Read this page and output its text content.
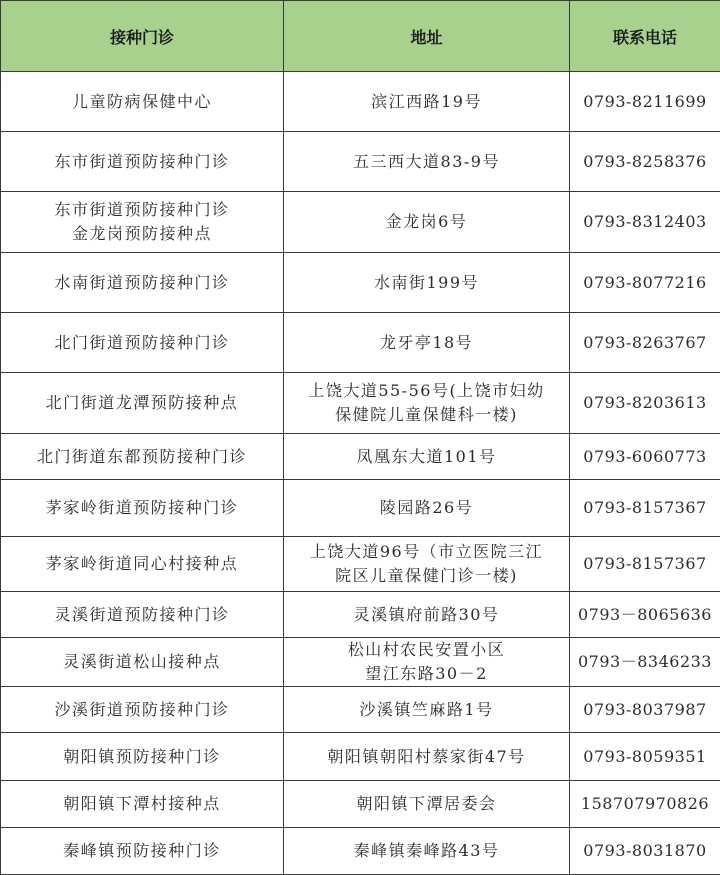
接种门诊	地址	联系电话

儿童防病保健中心	滨江西路19号	0793-8211699

东市街道预防接种门诊	五三西大道83-9号	0793-8258376

东市街道预防接种门诊
金龙岗预防接种点	金龙岗6号	0793-8312403

水南街道预防接种门诊	水南街199号	0793-8077216

北门街道预防接种门诊	龙牙亭18号	0793-8263767

北门街道龙潭预防接种点	上饶大道55-56号(上饶市妇幼
保健院儿童保健科一楼)	0793-8203613

北门街道东都预防接种门诊	凤凰东大道101号	0793-6060773

茅家岭街道预防接种门诊	陵园路26号	0793-8157367

茅家岭街道同心村接种点	上饶大道96号（市立医院三江
院区儿童保健门诊一楼)	0793-8157367

灵溪街道预防接种门诊	灵溪镇府前路30号	0793－8065636

灵溪街道松山接种点	松山村农民安置小区
望江东路30－2	0793－8346233

沙溪街道预防接种门诊	沙溪镇竺麻路1号	0793-8037987

朝阳镇预防接种门诊	朝阳镇朝阳村蔡家街47号	0793-8059351

朝阳镇下潭村接种点	朝阳镇下潭居委会	15870797082​6

秦峰镇预防接种门诊	秦峰镇秦峰路43号	0793-8031870
